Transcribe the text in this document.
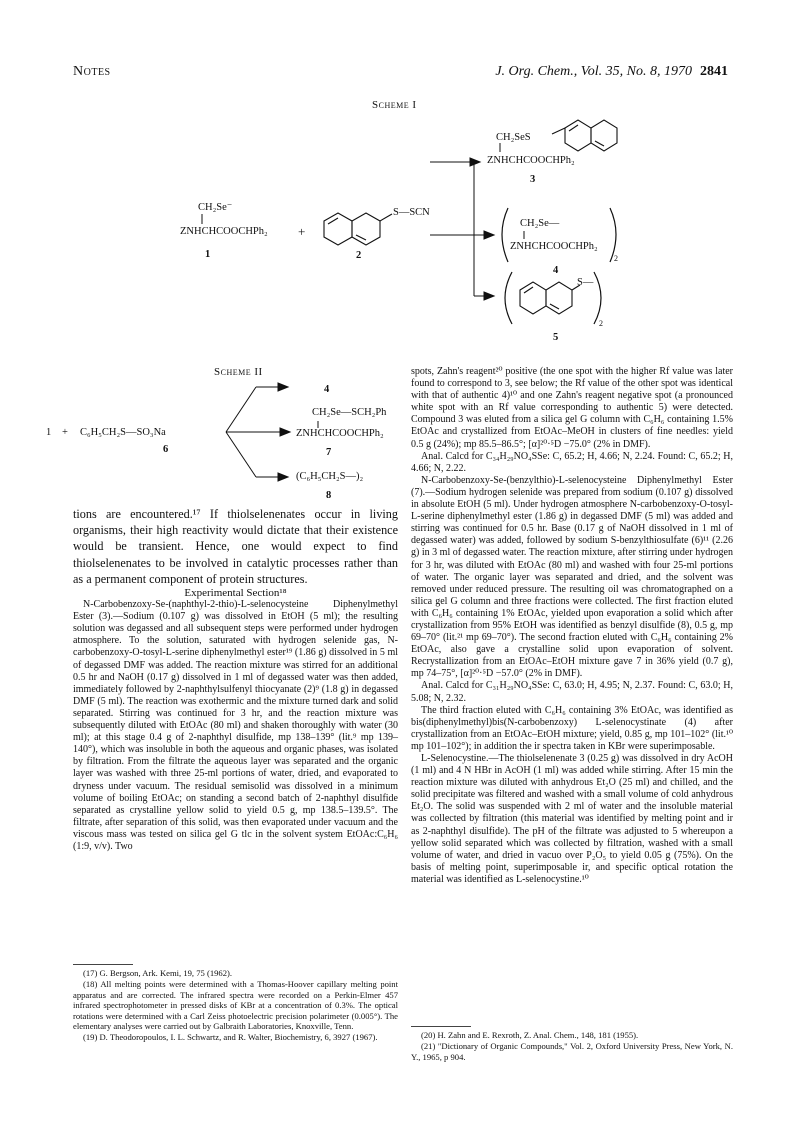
Notes	J. Org. Chem., Vol. 35, No. 8, 1970 2841
Scheme I
CH₂Se⁻
ZNHCHCOOCHPh₂
1
+
S—SCN
2
CH₂SeS
ZNHCHCOOCHPh₂
3
CH₂Se—
ZNHCHCOOCHPh₂
2
4
S—
2
5
Scheme II
1 + C₆H₅CH₂S—SO₃Na
6
4
CH₂Se—SCH₂Ph
ZNHCHCOOCHPh₂
7
(C₆H₅CH₂S—)₂
8

tions are encountered.¹⁷ If thiolselenenates occur in living organisms, their high reactivity would dictate that their existence would be transient. Hence, one would expect to find thiolselenenates to be involved in catalytic processes rather than as a permanent component of protein structures.

Experimental Section¹⁸

N-Carbobenzoxy-Se-(naphthyl-2-thio)-L-selenocysteine Diphenylmethyl Ester (3).—Sodium (0.107 g) was dissolved in EtOH (5 ml); the resulting solution was degassed and all subsequent steps were performed under hydrogen atmosphere. To the solution, saturated with hydrogen selenide gas, N-carbobenzoxy-O-tosyl-L-serine diphenylmethyl ester¹⁹ (1.86 g) dissolved in 5 ml of degassed DMF was added. The reaction mixture was stirred for an additional 0.5 hr and NaOH (0.17 g) dissolved in 1 ml of degassed water was then added, immediately followed by 2-naphthylsulfenyl thiocyanate (2)⁹ (1.8 g) in degassed DMF (5 ml). The reaction was exothermic and the mixture turned dark and solid separated. Stirring was continued for 3 hr, and the reaction mixture was subsequently diluted with EtOAc (80 ml) and shaken thoroughly with water (30 ml); at this stage 0.4 g of 2-naphthyl disulfide, mp 138–139° (lit.⁹ mp 139–140°), which was insoluble in both the aqueous and organic phases, was isolated by filtration. From the filtrate the aqueous layer was separated and the organic layer was washed with three 25-ml portions of water, dried, and evaporated to dryness under vacuum. The residual semisolid was dissolved in a minimum volume of boiling EtOAc; on standing a second batch of 2-naphthyl disulfide separated as crystalline yellow solid to yield 0.5 g, mp 138.5–139.5°. The filtrate, after separation of this solid, was then evaporated under vacuum and the viscous mass was tested on silica gel G tlc in the solvent system EtOAc:C₆H₆ (1:9, v/v). Two

(17) G. Bergson, Ark. Kemi, 19, 75 (1962).

(18) All melting points were determined with a Thomas-Hoover capillary melting point apparatus and are corrected. The infrared spectra were recorded on a Perkin-Elmer 457 infrared spectrophotometer in pressed disks of KBr at a concentration of 0.3%. The optical rotations were determined with a Carl Zeiss photoelectric precision polarimeter (0.005°). The elementary analyses were carried out by Galbraith Laboratories, Knoxville, Tenn.

(19) D. Theodoropoulos, I. L. Schwartz, and R. Walter, Biochemistry, 6, 3927 (1967).

spots, Zahn's reagent²⁰ positive (the one spot with the higher Rf value was later found to correspond to 3, see below; the Rf value of the other spot was identical with that of authentic 4)¹⁰ and one Zahn's reagent negative spot (a pronounced white spot with an Rf value corresponding to authentic 5) were detected. Compound 3 was eluted from a silica gel G column with C₆H₆ containing 1.5% EtOAc and crystallized from EtOAc–MeOH in clusters of fine needles: yield 0.5 g (24%); mp 85.5–86.5°; [α]²⁰·⁵D −75.0° (2% in DMF).

Anal. Calcd for C₃₄H₂₉NO₄SSe: C, 65.2; H, 4.66; N, 2.24. Found: C, 65.2; H, 4.66; N, 2.22.

N-Carbobenzoxy-Se-(benzylthio)-L-selenocysteine Diphenylmethyl Ester (7).—Sodium hydrogen selenide was prepared from sodium (0.107 g) dissolved in absolute EtOH (5 ml). Under hydrogen atmosphere N-carbobenzoxy-O-tosyl-L-serine diphenylmethyl ester (1.86 g) in degassed DMF (5 ml) was added and stirring was continued for 0.5 hr. Base (0.17 g of NaOH dissolved in 1 ml of degassed water) was added, followed by sodium S-benzylthiosulfate (6)¹¹ (2.26 g) in 3 ml of degassed water. The reaction mixture, after stirring under hydrogen for 3 hr, was diluted with EtOAc (80 ml) and washed with four 25-ml portions of water. The organic layer was separated and dried, and the solvent was removed under reduced pressure. The resulting oil was chromatographed on a silica gel G column and three fractions were collected. The first fraction eluted with C₆H₆ containing 1% EtOAc, yielded upon evaporation a solid which after crystallization from 95% EtOH was identified as benzyl disulfide (8), 0.5 g, mp 69–70° (lit.²¹ mp 69–70°). The second fraction eluted with C₆H₆ containing 2% EtOAc, also gave a crystalline solid upon evaporation of solvent. Recrystallization from an EtOAc–EtOH mixture gave 7 in 36% yield (0.7 g), mp 74–75°, [α]²⁰·⁵D −57.0° (2% in DMF).

Anal. Calcd for C₃₁H₂₉NO₄SSe: C, 63.0; H, 4.95; N, 2.37. Found: C, 63.0; H, 5.08; N, 2.32.

The third fraction eluted with C₆H₆ containing 3% EtOAc, was identified as bis(diphenylmethyl)bis(N-carbobenzoxy) L-selenocystinate (4) after crystallization from an EtOAc–EtOH mixture; yield, 0.85 g, mp 101–102° (lit.¹⁰ mp 101–102°); in addition the ir spectra taken in KBr were superimposable.

L-Selenocystine.—The thiolselenenate 3 (0.25 g) was dissolved in dry AcOH (1 ml) and 4 N HBr in AcOH (1 ml) was added while stirring. After 15 min the reaction mixture was diluted with anhydrous Et₂O (25 ml) and chilled, and the solid precipitate was filtered and washed with a small volume of cold anhydrous Et₂O. The solid was suspended with 2 ml of water and the insoluble material was collected by filtration (this material was identified by melting point and ir as 2-naphthyl disulfide). The pH of the filtrate was adjusted to 5 whereupon a yellow solid separated which was collected by filtration, washed with a small volume of water, and dried in vacuo over P₂O₅ to yield 0.05 g (75%). On the basis of melting point, superimposable ir, and specific optical rotation the material was identified as L-selenocystine.¹⁰

(20) H. Zahn and E. Rexroth, Z. Anal. Chem., 148, 181 (1955).

(21) "Dictionary of Organic Compounds," Vol. 2, Oxford University Press, New York, N. Y., 1965, p 904.
